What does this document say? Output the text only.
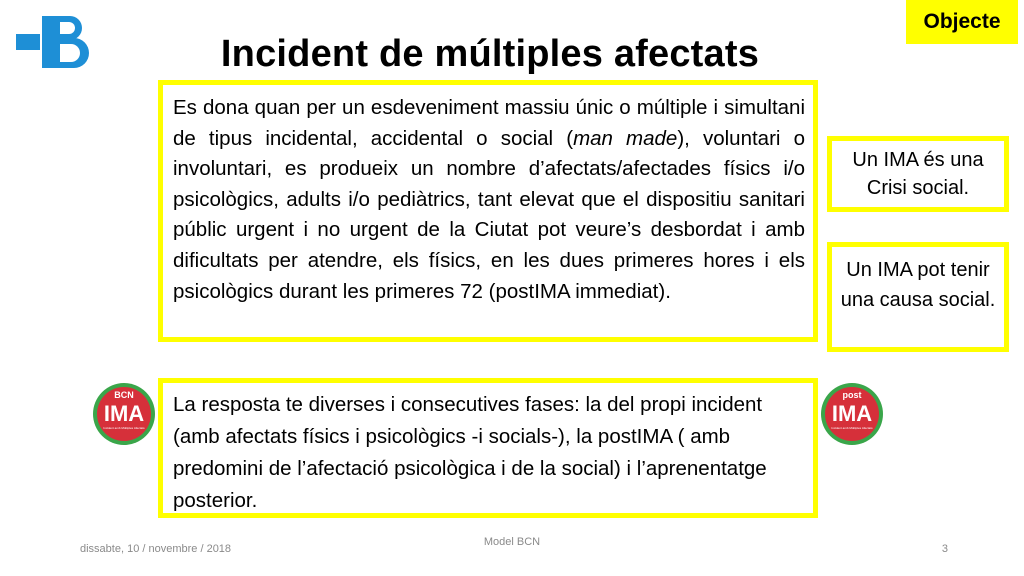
Objecte
Incident de múltiples afectats

Es dona quan per un esdeveniment massiu únic o múltiple i simultani de tipus incidental, accidental o social (man made), voluntari o involuntari, es produeix un nombre d’afectats/afectades físics i/o psicològics, adults i/o pediàtrics, tant elevat que el dispositiu sanitari públic urgent i no urgent de la Ciutat pot veure’s desbordat i amb dificultats per atendre, els físics, en les dues primeres hores i els psicològics durant les primeres 72 (postIMA immediat).

Un IMA és una Crisi social.
Un IMA pot tenir una causa social.
BCN
IMA
Incident amb Múltiples Afectats
post
IMA
Incident amb Múltiples Afectats
La resposta te diverses i consecutives fases: la del propi incident (amb afectats físics i psicològics -i socials-), la postIMA ( amb predomini de l’afectació psicològica i de la social) i l’aprenentatge posterior.
dissabte, 10 / novembre / 2018
Model BCN
3
